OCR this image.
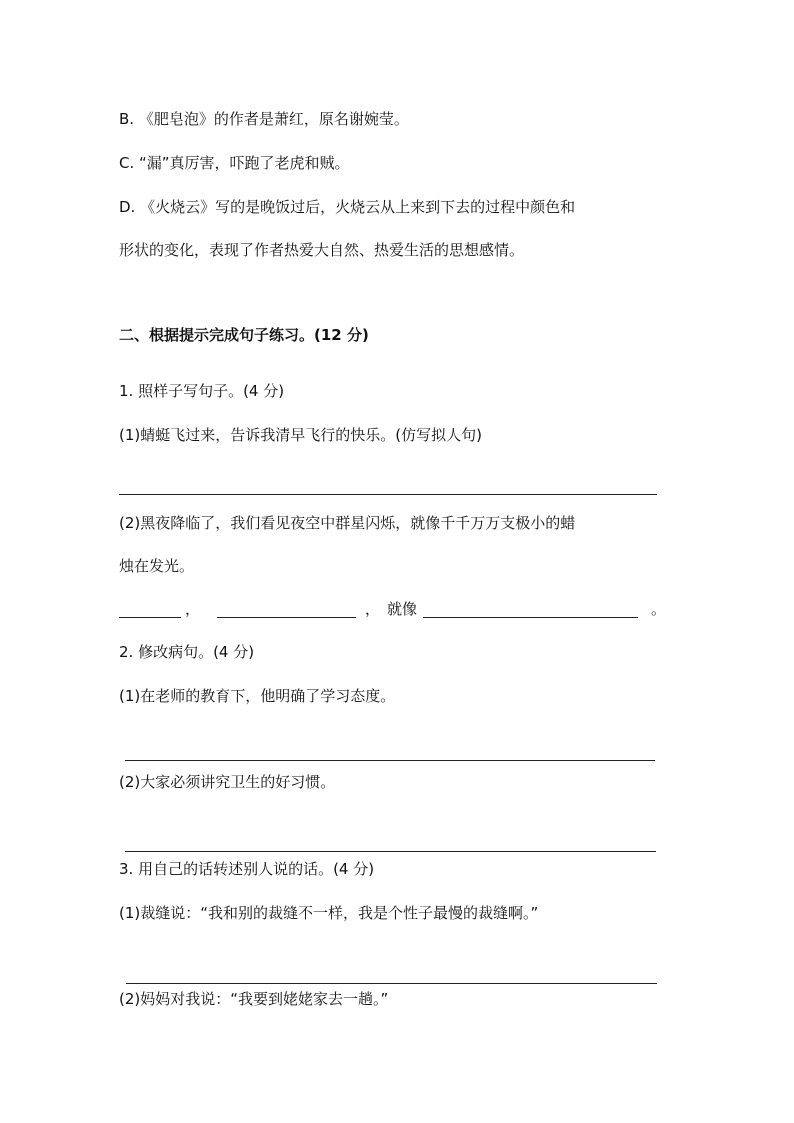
B. 《肥皂泡》的作者是萧红，原名谢婉莹。
C. “漏”真厉害，吓跑了老虎和贼。
D. 《火烧云》写的是晚饭过后，火烧云从上来到下去的过程中颜色和
形状的变化，表现了作者热爱大自然、热爱生活的思想感情。
二、根据提示完成句子练习。(12 分)
1. 照样子写句子。(4 分)
(1)蜻蜓飞过来，告诉我清早飞行的快乐。(仿写拟人句)
(2)黑夜降临了，我们看见夜空中群星闪烁，就像千千万万支极小的蜡
烛在发光。
，	， 就像	。
2. 修改病句。(4 分)
(1)在老师的教育下，他明确了学习态度。
(2)大家必须讲究卫生的好习惯。
3. 用自己的话转述别人说的话。(4 分)
(1)裁缝说：“我和别的裁缝不一样，我是个性子最慢的裁缝啊。”
(2)妈妈对我说：“我要到姥姥家去一趟。”
